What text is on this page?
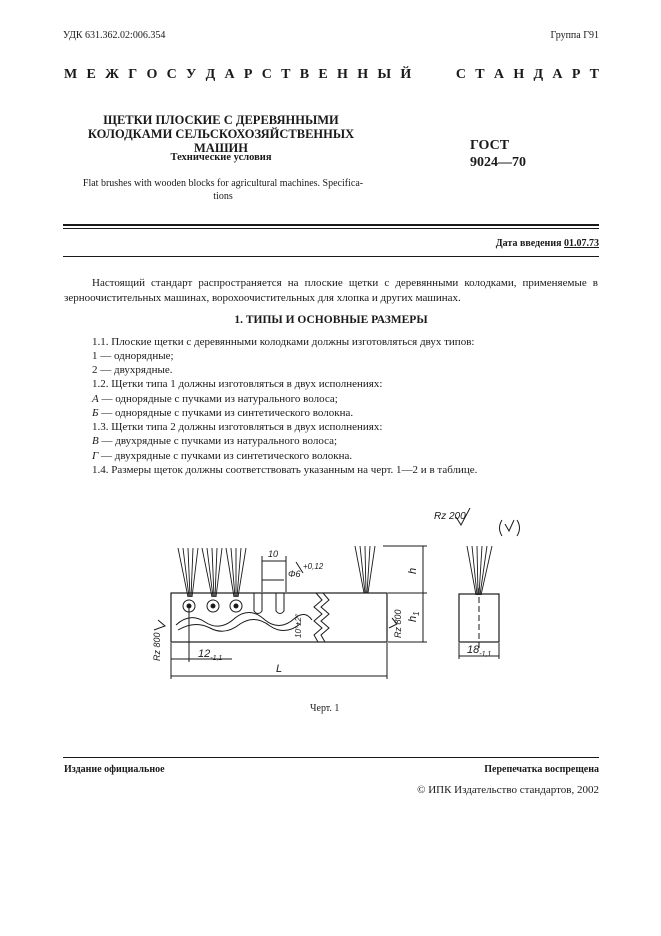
УДК 631.362.02:006.354	Группа Г91
М Е Ж Г О С У Д А Р С Т В Е Н Н Ы Й	С Т А Н Д А Р Т
ЩЕТКИ ПЛОСКИЕ С ДЕРЕВЯННЫМИ
КОЛОДКАМИ СЕЛЬСКОХОЗЯЙСТВЕННЫХ МАШИН
Технические условия
Flat brushes with wooden blocks for agricultural machines. Specifica-
tions
ГОСТ
9024—70
Дата введения 01.07.73
Настоящий стандарт распространяется на плоские щетки с деревянными колодками, применяемые в зерноочистительных машинах, ворохоочистительных для хлопка и других машинах.
1. ТИПЫ И ОСНОВНЫЕ РАЗМЕРЫ
1.1. Плоские щетки с деревянными колодками должны изготовляться двух типов:
1 — однорядные;
2 — двухрядные.
1.2. Щетки типа 1 должны изготовляться в двух исполнениях:
А — однорядные с пучками из натурального волоса;
Б — однорядные с пучками из синтетического волокна.
1.3. Щетки типа 2 должны изготовляться в двух исполнениях:
В — двухрядные с пучками из натурального волоса;
Г — двухрядные с пучками из синтетического волокна.
1.4. Размеры щеток должны соответствовать указанным на черт. 1—2 и в таблице.
Rz 200
10
Φ6
+0,12
10°±2°
h
$h_1$
Rz 800
Rz 800
$12_{-1,1}$
L
$18_{-1,1}$
Черт. 1
Издание официальное	Перепечатка воспрещена
© ИПК Издательство стандартов, 2002
